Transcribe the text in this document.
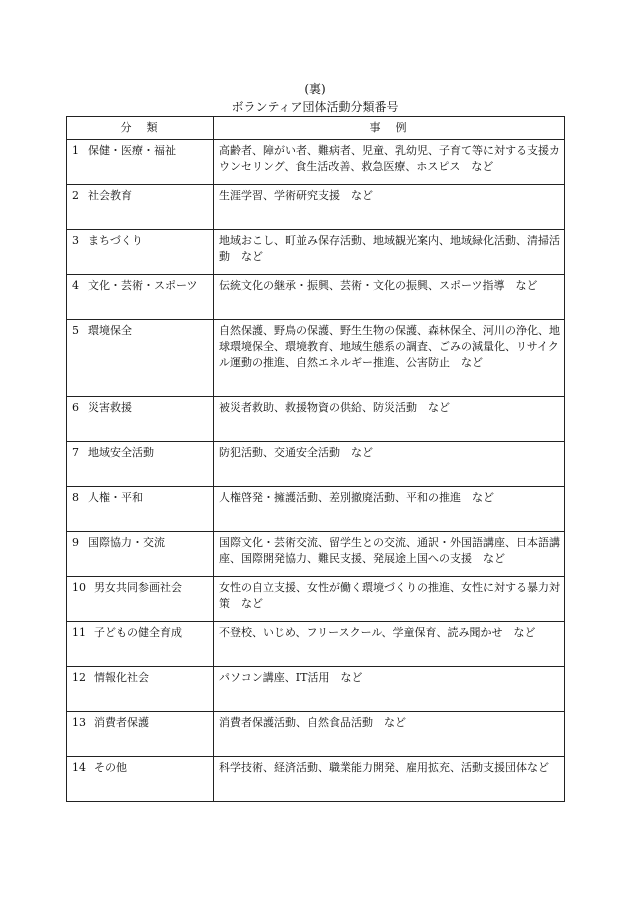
(裏)
ボランティア団体活動分類番号
分　類	事　例
1 保健・医療・福祉	高齢者、障がい者、難病者、児童、乳幼児、子育て等に対する支援カウンセリング、食生活改善、救急医療、ホスピス　など
2 社会教育	生涯学習、学術研究支援　など
3 まちづくり	地域おこし、町並み保存活動、地域観光案内、地域緑化活動、清掃活動　など
4 文化・芸術・スポーツ	伝統文化の継承・振興、芸術・文化の振興、スポーツ指導　など
5 環境保全	自然保護、野鳥の保護、野生生物の保護、森林保全、河川の浄化、地球環境保全、環境教育、地域生態系の調査、ごみの減量化、リサイクル運動の推進、自然エネルギー推進、公害防止　など
6 災害救援	被災者救助、救援物資の供給、防災活動　など
7 地域安全活動	防犯活動、交通安全活動　など
8 人権・平和	人権啓発・擁護活動、差別撤廃活動、平和の推進　など
9 国際協力・交流	国際文化・芸術交流、留学生との交流、通訳・外国語講座、日本語講座、国際開発協力、難民支援、発展途上国への支援　など
10 男女共同参画社会	女性の自立支援、女性が働く環境づくりの推進、女性に対する暴力対策　など
11 子どもの健全育成	不登校、いじめ、フリースクール、学童保育、読み聞かせ　など
12 情報化社会	パソコン講座、IT活用　など
13 消費者保護	消費者保護活動、自然食品活動　など
14 その他	科学技術、経済活動、職業能力開発、雇用拡充、活動支援団体など
